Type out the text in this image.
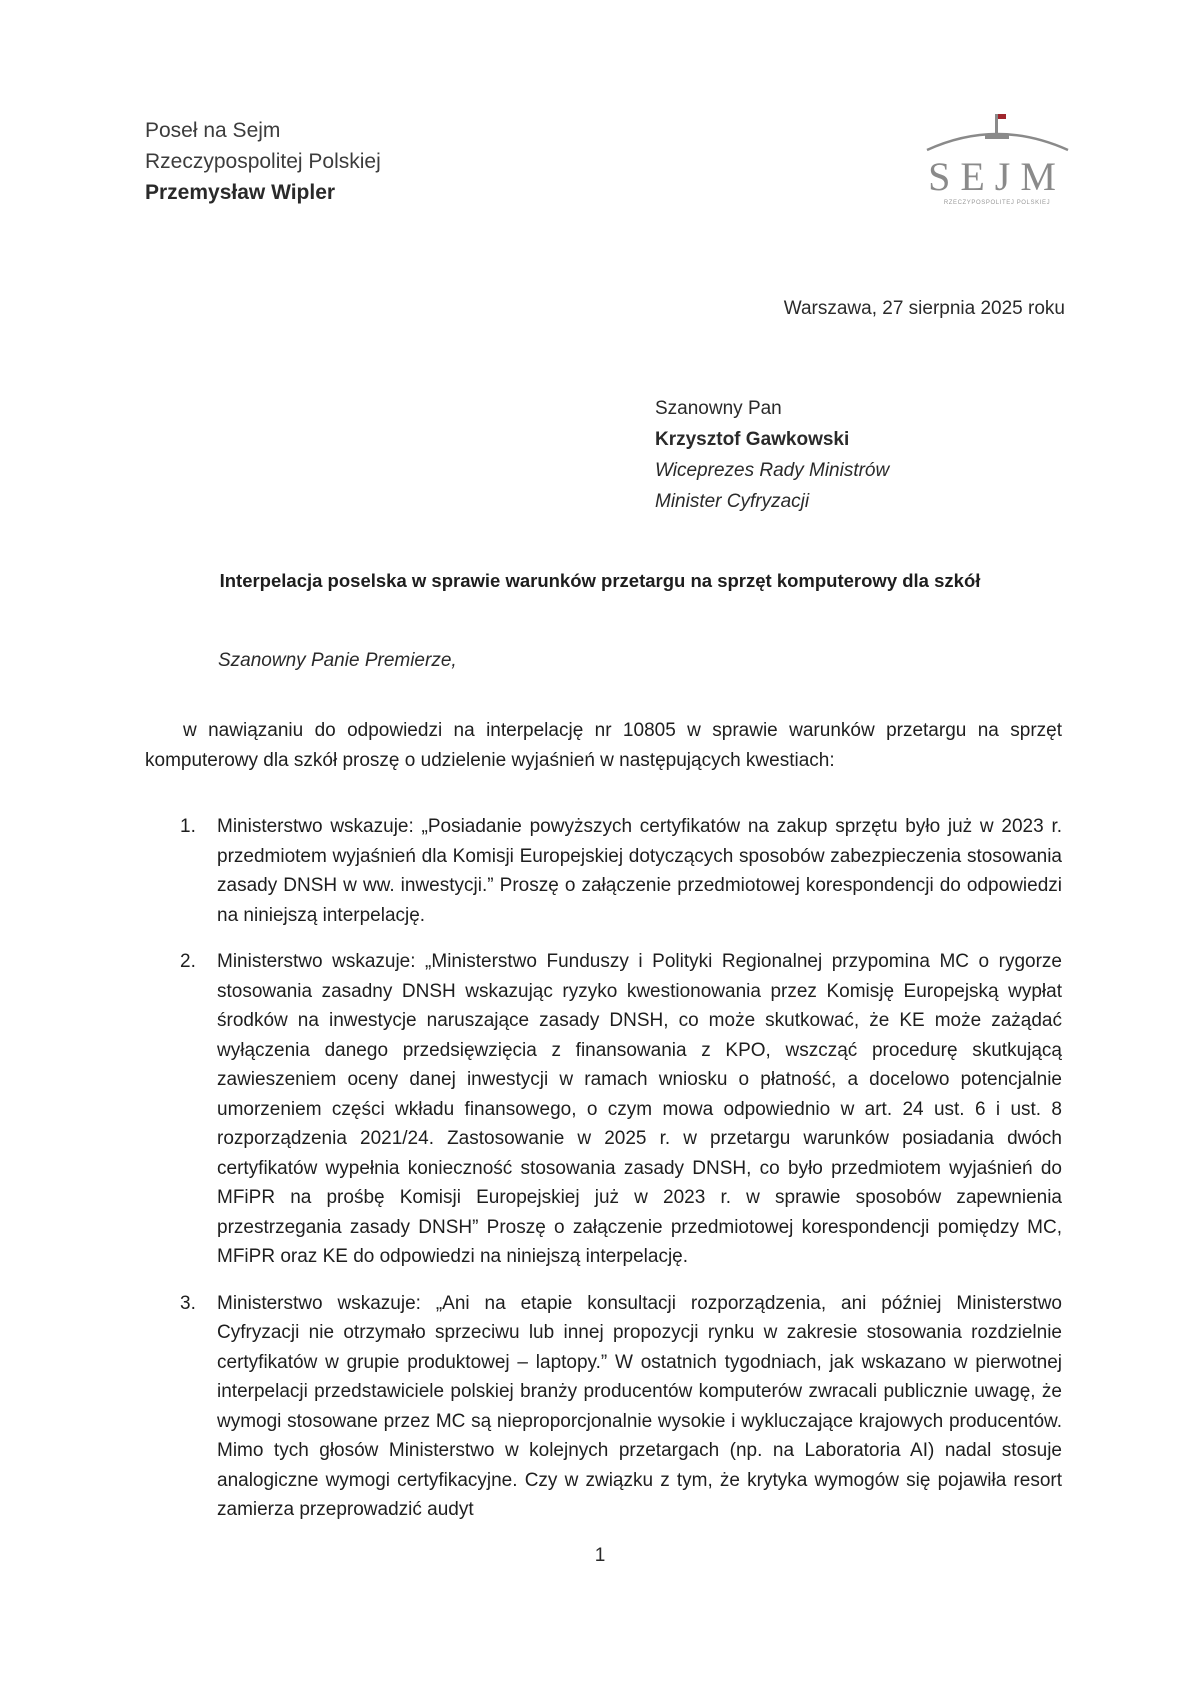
Poseł na Sejm
Rzeczypospolitej Polskiej
Przemysław Wipler	SEJM
RZECZYPOSPOLITEJ POLSKIEJ
Warszawa, 27 sierpnia 2025 roku
Szanowny Pan
Krzysztof Gawkowski
Wiceprezes Rady Ministrów
Minister Cyfryzacji
Interpelacja poselska w sprawie warunków przetargu na sprzęt komputerowy dla szkół
Szanowny Panie Premierze,

w nawiązaniu do odpowiedzi na interpelację nr 10805 w sprawie warunków przetargu na sprzęt komputerowy dla szkół proszę o udzielenie wyjaśnień w następujących kwestiach:

1. Ministerstwo wskazuje: „Posiadanie powyższych certyfikatów na zakup sprzętu było już w 2023 r. przedmiotem wyjaśnień dla Komisji Europejskiej dotyczących sposobów zabezpieczenia stosowania zasady DNSH w ww. inwestycji.” Proszę o załączenie przedmiotowej korespondencji do odpowiedzi na niniejszą interpelację.
2. Ministerstwo wskazuje: „Ministerstwo Funduszy i Polityki Regionalnej przypomina MC o rygorze stosowania zasadny DNSH wskazując ryzyko kwestionowania przez Komisję Europejską wypłat środków na inwestycje naruszające zasady DNSH, co może skutkować, że KE może zażądać wyłączenia danego przedsięwzięcia z finansowania z KPO, wszcząć procedurę skutkującą zawieszeniem oceny danej inwestycji w ramach wniosku o płatność, a docelowo potencjalnie umorzeniem części wkładu finansowego, o czym mowa odpowiednio w art. 24 ust. 6 i ust. 8 rozporządzenia 2021/24. Zastosowanie w 2025 r. w przetargu warunków posiadania dwóch certyfikatów wypełnia konieczność stosowania zasady DNSH, co było przedmiotem wyjaśnień do MFiPR na prośbę Komisji Europejskiej już w 2023 r. w sprawie sposobów zapewnienia przestrzegania zasady DNSH” Proszę o załączenie przedmiotowej korespondencji pomiędzy MC, MFiPR oraz KE do odpowiedzi na niniejszą interpelację.
3. Ministerstwo wskazuje: „Ani na etapie konsultacji rozporządzenia, ani później Ministerstwo Cyfryzacji nie otrzymało sprzeciwu lub innej propozycji rynku w zakresie stosowania rozdzielnie certyfikatów w grupie produktowej – laptopy.” W ostatnich tygodniach, jak wskazano w pierwotnej interpelacji przedstawiciele polskiej branży producentów komputerów zwracali publicznie uwagę, że wymogi stosowane przez MC są nieproporcjonalnie wysokie i wykluczające krajowych producentów. Mimo tych głosów Ministerstwo w kolejnych przetargach (np. na Laboratoria AI) nadal stosuje analogiczne wymogi certyfikacyjne. Czy w związku z tym, że krytyka wymogów się pojawiła resort zamierza przeprowadzić audyt
1
